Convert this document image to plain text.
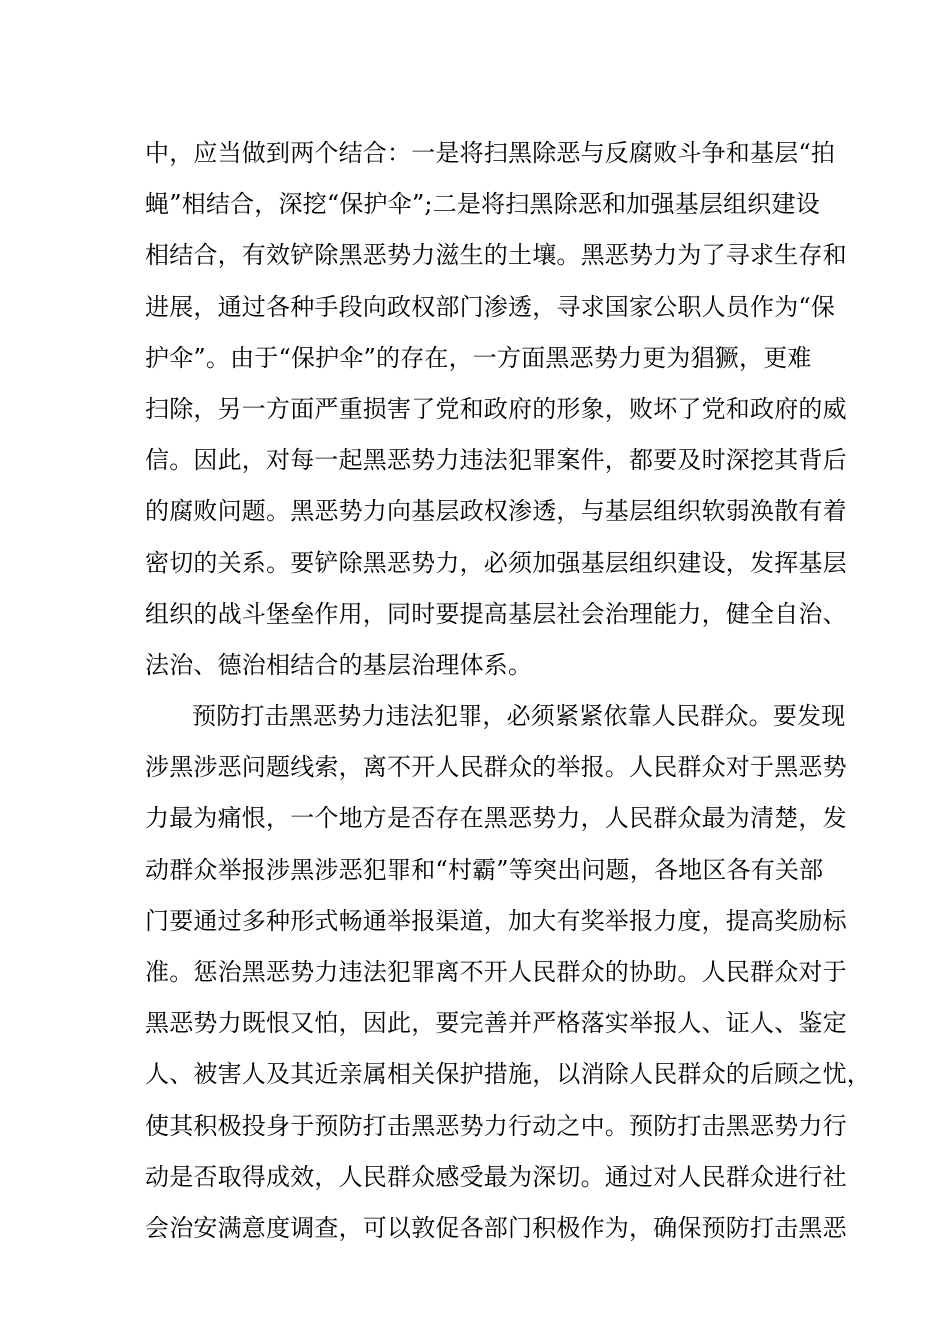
中，应当做到两个结合：一是将扫黑除恶与反腐败斗争和基层“拍
蝇”相结合，深挖“保护伞”;二是将扫黑除恶和加强基层组织建设
相结合，有效铲除黑恶势力滋生的土壤。黑恶势力为了寻求生存和
进展，通过各种手段向政权部门渗透，寻求国家公职人员作为“保
护伞”。由于“保护伞”的存在，一方面黑恶势力更为猖獗，更难
扫除，另一方面严重损害了党和政府的形象，败坏了党和政府的威
信。因此，对每一起黑恶势力违法犯罪案件，都要及时深挖其背后
的腐败问题。黑恶势力向基层政权渗透，与基层组织软弱涣散有着
密切的关系。要铲除黑恶势力，必须加强基层组织建设，发挥基层
组织的战斗堡垒作用，同时要提高基层社会治理能力，健全自治、
法治、德治相结合的基层治理体系。
预防打击黑恶势力违法犯罪，必须紧紧依靠人民群众。要发现
涉黑涉恶问题线索，离不开人民群众的举报。人民群众对于黑恶势
力最为痛恨，一个地方是否存在黑恶势力，人民群众最为清楚，发
动群众举报涉黑涉恶犯罪和“村霸”等突出问题，各地区各有关部
门要通过多种形式畅通举报渠道，加大有奖举报力度，提高奖励标
准。惩治黑恶势力违法犯罪离不开人民群众的协助。人民群众对于
黑恶势力既恨又怕，因此，要完善并严格落实举报人、证人、鉴定
人、被害人及其近亲属相关保护措施，以消除人民群众的后顾之忧，
使其积极投身于预防打击黑恶势力行动之中。预防打击黑恶势力行
动是否取得成效，人民群众感受最为深切。通过对人民群众进行社
会治安满意度调查，可以敦促各部门积极作为，确保预防打击黑恶
